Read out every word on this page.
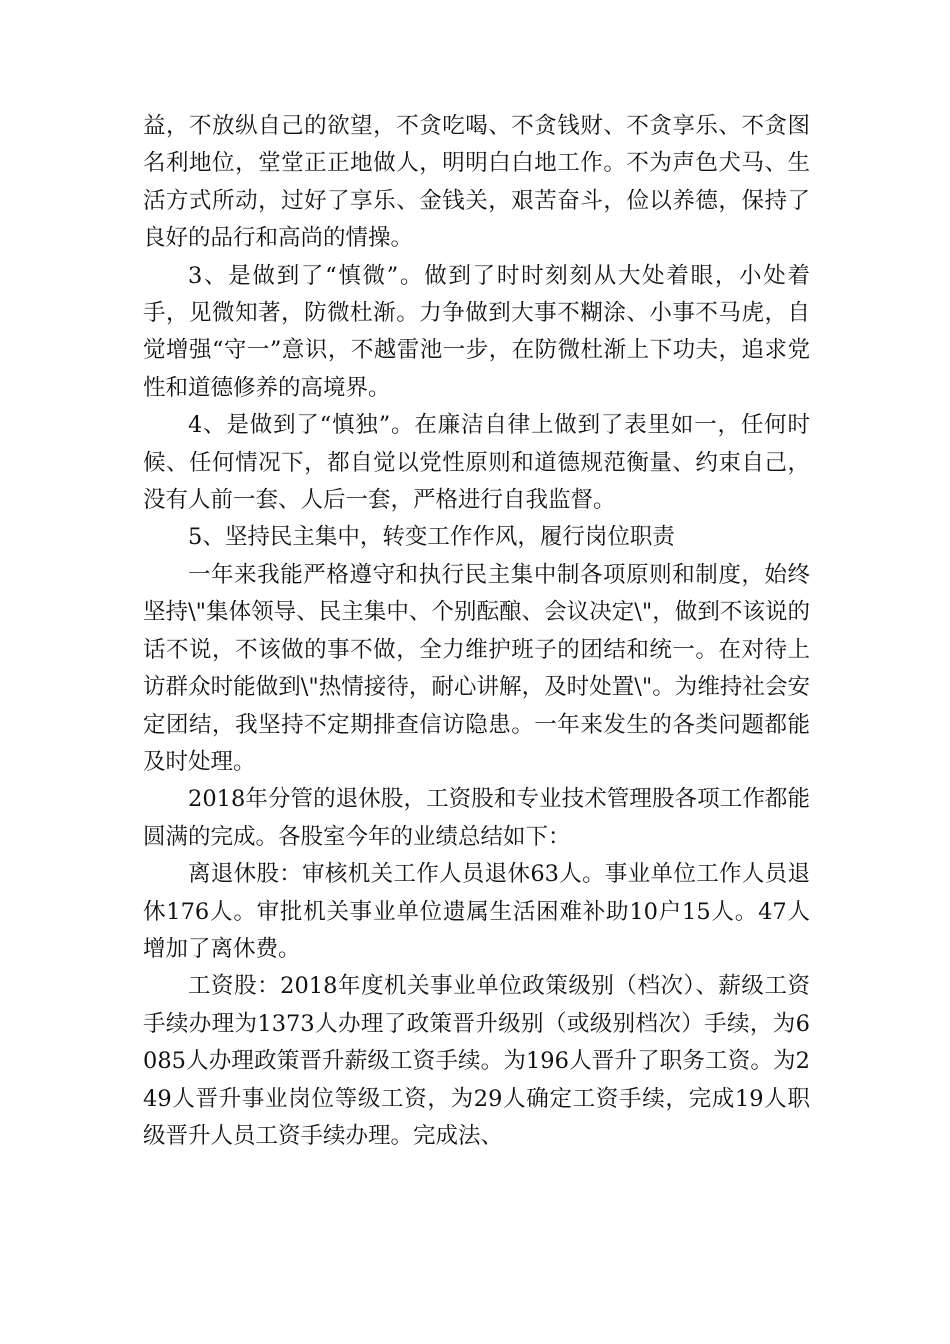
益，不放纵自己的欲望，不贪吃喝、不贪钱财、不贪享乐、不贪图名利地位，堂堂正正地做人，明明白白地工作。不为声色犬马、生活方式所动，过好了享乐、金钱关，艰苦奋斗，俭以养德，保持了良好的品行和高尚的情操。

3、是做到了“慎微”。做到了时时刻刻从大处着眼，小处着手，见微知著，防微杜渐。力争做到大事不糊涂、小事不马虎，自觉增强“守一”意识，不越雷池一步，在防微杜渐上下功夫，追求党性和道德修养的高境界。

4、是做到了“慎独”。在廉洁自律上做到了表里如一，任何时候、任何情况下，都自觉以党性原则和道德规范衡量、约束自己，没有人前一套、人后一套，严格进行自我监督。

5、坚持民主集中，转变工作作风，履行岗位职责

一年来我能严格遵守和执行民主集中制各项原则和制度，始终坚持\"集体领导、民主集中、个别酝酿、会议决定\"，做到不该说的话不说，不该做的事不做，全力维护班子的团结和统一。在对待上访群众时能做到\"热情接待，耐心讲解，及时处置\"。为维持社会安定团结，我坚持不定期排查信访隐患。一年来发生的各类问题都能及时处理。

2018年分管的退休股，工资股和专业技术管理股各项工作都能圆满的完成。各股室今年的业绩总结如下：

离退休股：审核机关工作人员退休63人。事业单位工作人员退休176人。审批机关事业单位遗属生活困难补助10户15人。47人增加了离休费。

工资股：2018年度机关事业单位政策级别（档次）、薪级工资手续办理为1373人办理了政策晋升级别（或级别档次）手续，为6085人办理政策晋升薪级工资手续。为196人晋升了职务工资。为249人晋升事业岗位等级工资，为29人确定工资手续，完成19人职级晋升人员工资手续办理。完成法、
